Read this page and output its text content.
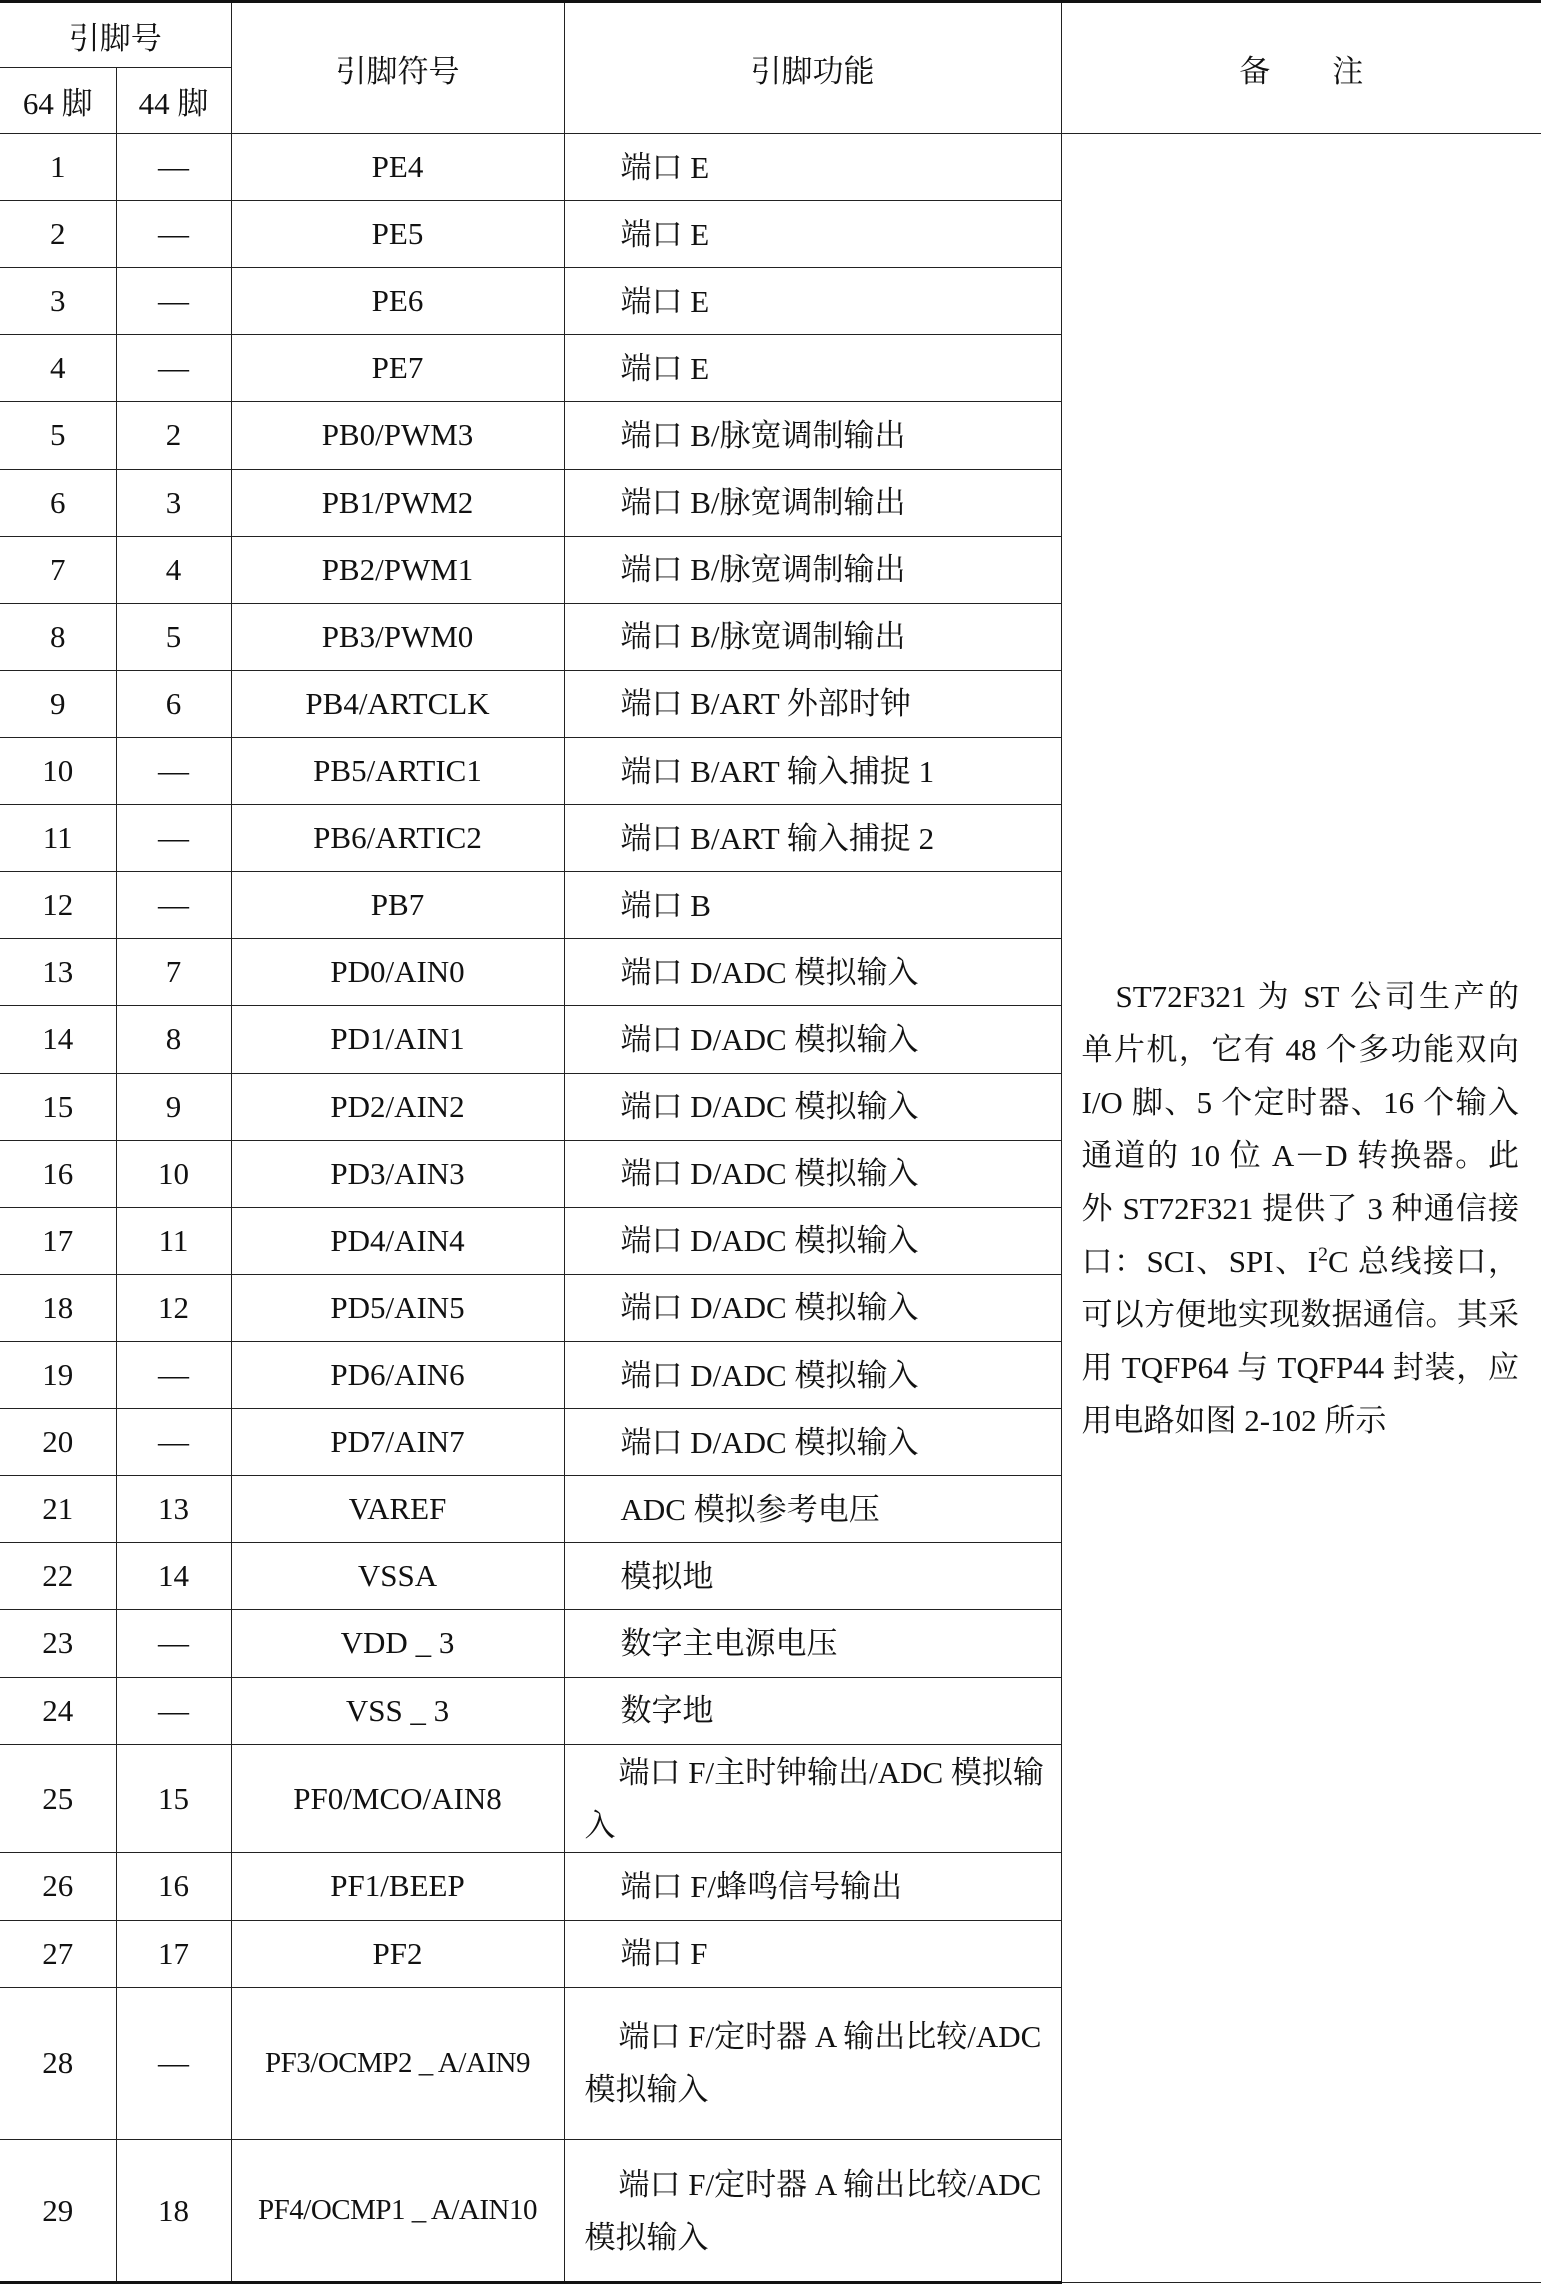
引脚号		引脚符号	引脚功能	备注
64 脚	44 脚			
1	—	PE4	端口 E	ST72F321 为 ST 公司生产的单片机，它有 48 个多功能双向 I/O 脚、5 个定时器、16 个输入通道的 10 位 A－D 转换器。此外 ST72F321 提供了 3 种通信接口：SCI、SPI、$I^2C$ 总线接口，可以方便地实现数据通信。其采用 TQFP64 与 TQFP44 封装，应用电路如图 2-102 所示
2	—	PE5	端口 E	
3	—	PE6	端口 E	
4	—	PE7	端口 E	
5	2	PB0/PWM3	端口 B/脉宽调制输出	
6	3	PB1/PWM2	端口 B/脉宽调制输出	
7	4	PB2/PWM1	端口 B/脉宽调制输出	
8	5	PB3/PWM0	端口 B/脉宽调制输出	
9	6	PB4/ARTCLK	端口 B/ART 外部时钟	
10	—	PB5/ARTIC1	端口 B/ART 输入捕捉 1	
11	—	PB6/ARTIC2	端口 B/ART 输入捕捉 2	
12	—	PB7	端口 B	
13	7	PD0/AIN0	端口 D/ADC 模拟输入	
14	8	PD1/AIN1	端口 D/ADC 模拟输入	
15	9	PD2/AIN2	端口 D/ADC 模拟输入	
16	10	PD3/AIN3	端口 D/ADC 模拟输入	
17	11	PD4/AIN4	端口 D/ADC 模拟输入	
18	12	PD5/AIN5	端口 D/ADC 模拟输入	
19	—	PD6/AIN6	端口 D/ADC 模拟输入	
20	—	PD7/AIN7	端口 D/ADC 模拟输入	
21	13	VAREF	ADC 模拟参考电压	
22	14	VSSA	模拟地	
23	—	VDD _ 3	数字主电源电压	
24	—	VSS _ 3	数字地	
25	15	PF0/MCO/AIN8	端口 F/主时钟输出/ADC 模拟输入	
26	16	PF1/BEEP	端口 F/蜂鸣信号输出	
27	17	PF2	端口 F	
28	—	PF3/OCMP2 _ A/AIN9	端口 F/定时器 A 输出比较/ADC 模拟输入	
29	18	PF4/OCMP1 _ A/AIN10	端口 F/定时器 A 输出比较/ADC 模拟输入	
